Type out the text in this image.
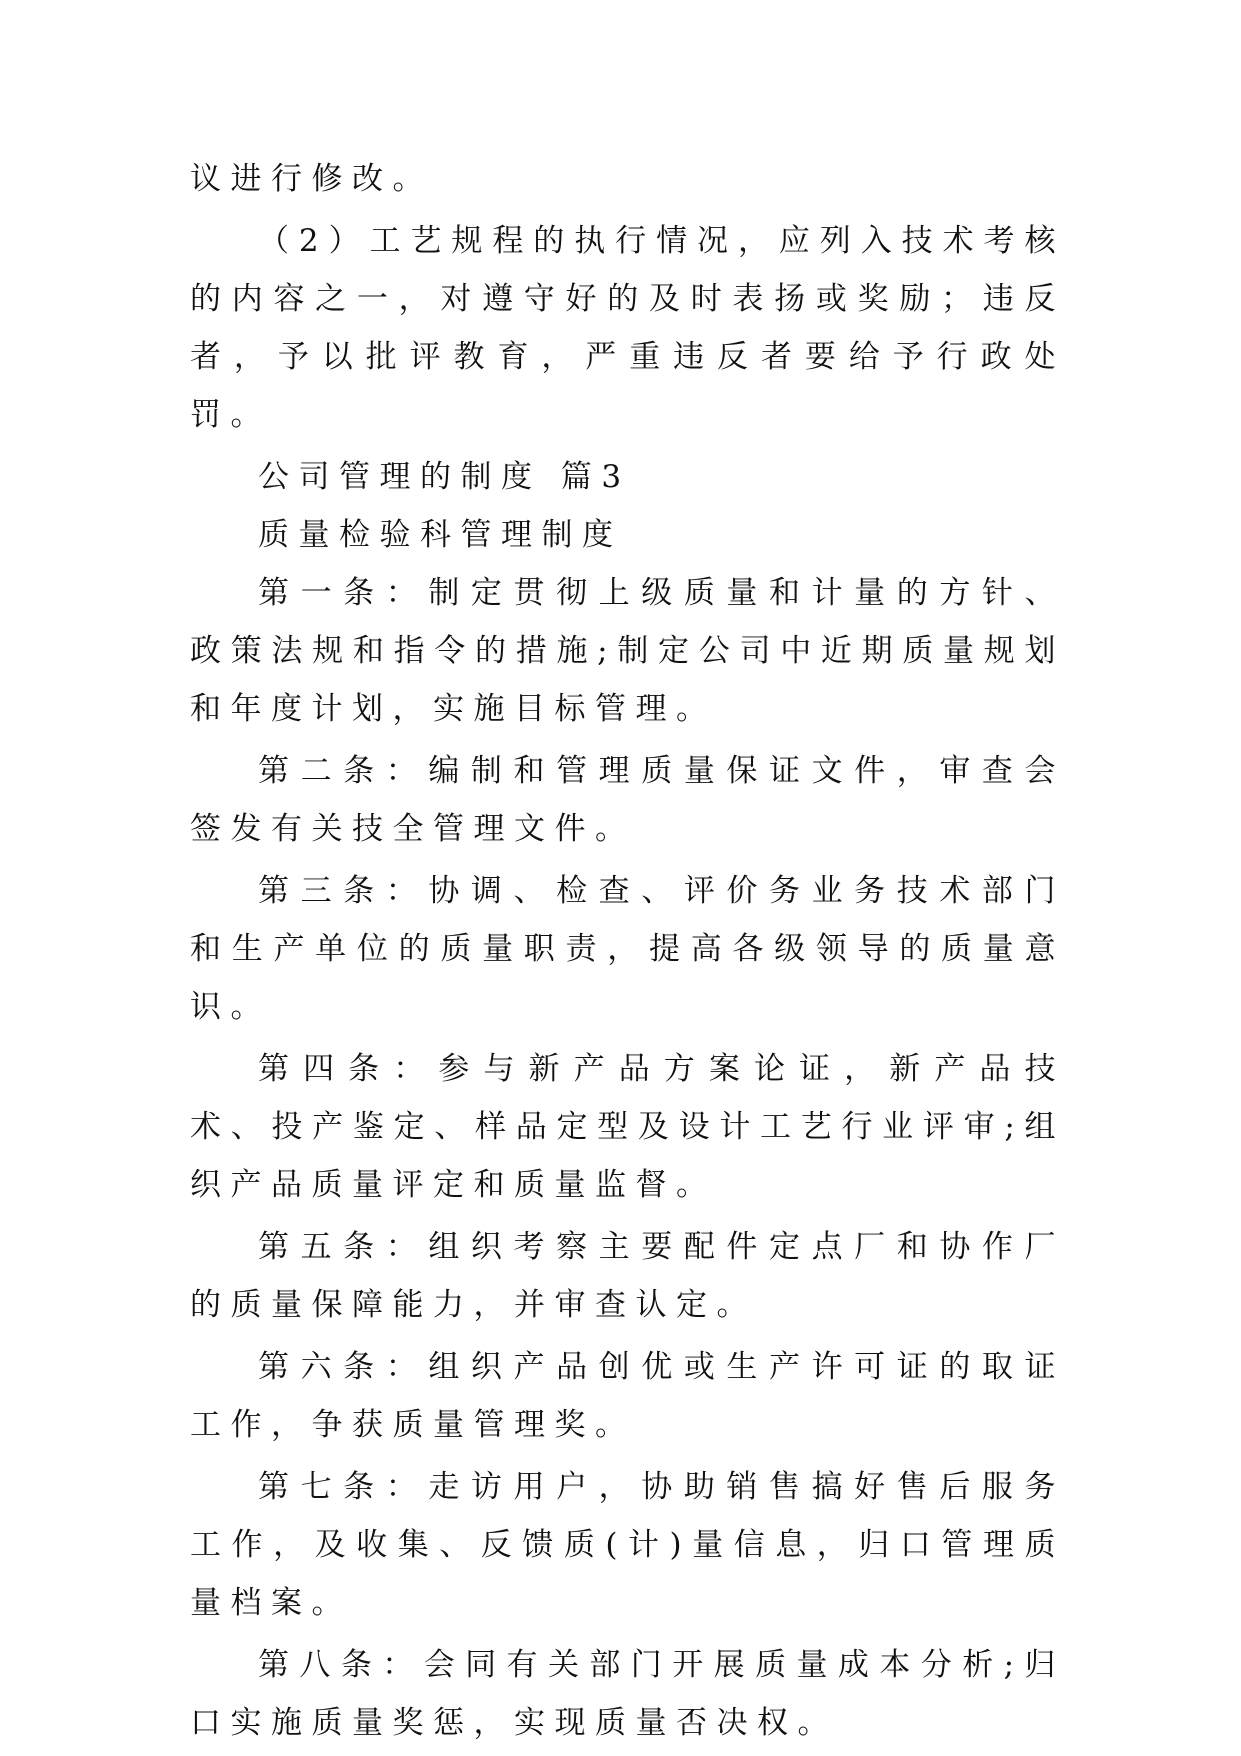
议进行修改。

（2）工艺规程的执行情况，应列入技术考核的内容之一，对遵守好的及时表扬或奖励；违反者，予以批评教育，严重违反者要给予行政处罚。

公司管理的制度 篇3

质量检验科管理制度

第一条：制定贯彻上级质量和计量的方针、政策法规和指令的措施;制定公司中近期质量规划和年度计划，实施目标管理。

第二条：编制和管理质量保证文件，审查会签发有关技全管理文件。

第三条：协调、检查、评价务业务技术部门和生产单位的质量职责，提高各级领导的质量意识。

第四条：参与新产品方案论证，新产品技术、投产鉴定、样品定型及设计工艺行业评审;组织产品质量评定和质量监督。

第五条：组织考察主要配件定点厂和协作厂的质量保障能力，并审查认定。

第六条：组织产品创优或生产许可证的取证工作，争获质量管理奖。

第七条：走访用户，协助销售搞好售后服务工作，及收集、反馈质(计)量信息，归口管理质量档案。

第八条：会同有关部门开展质量成本分析;归口实施质量奖惩，实现质量否决权。
